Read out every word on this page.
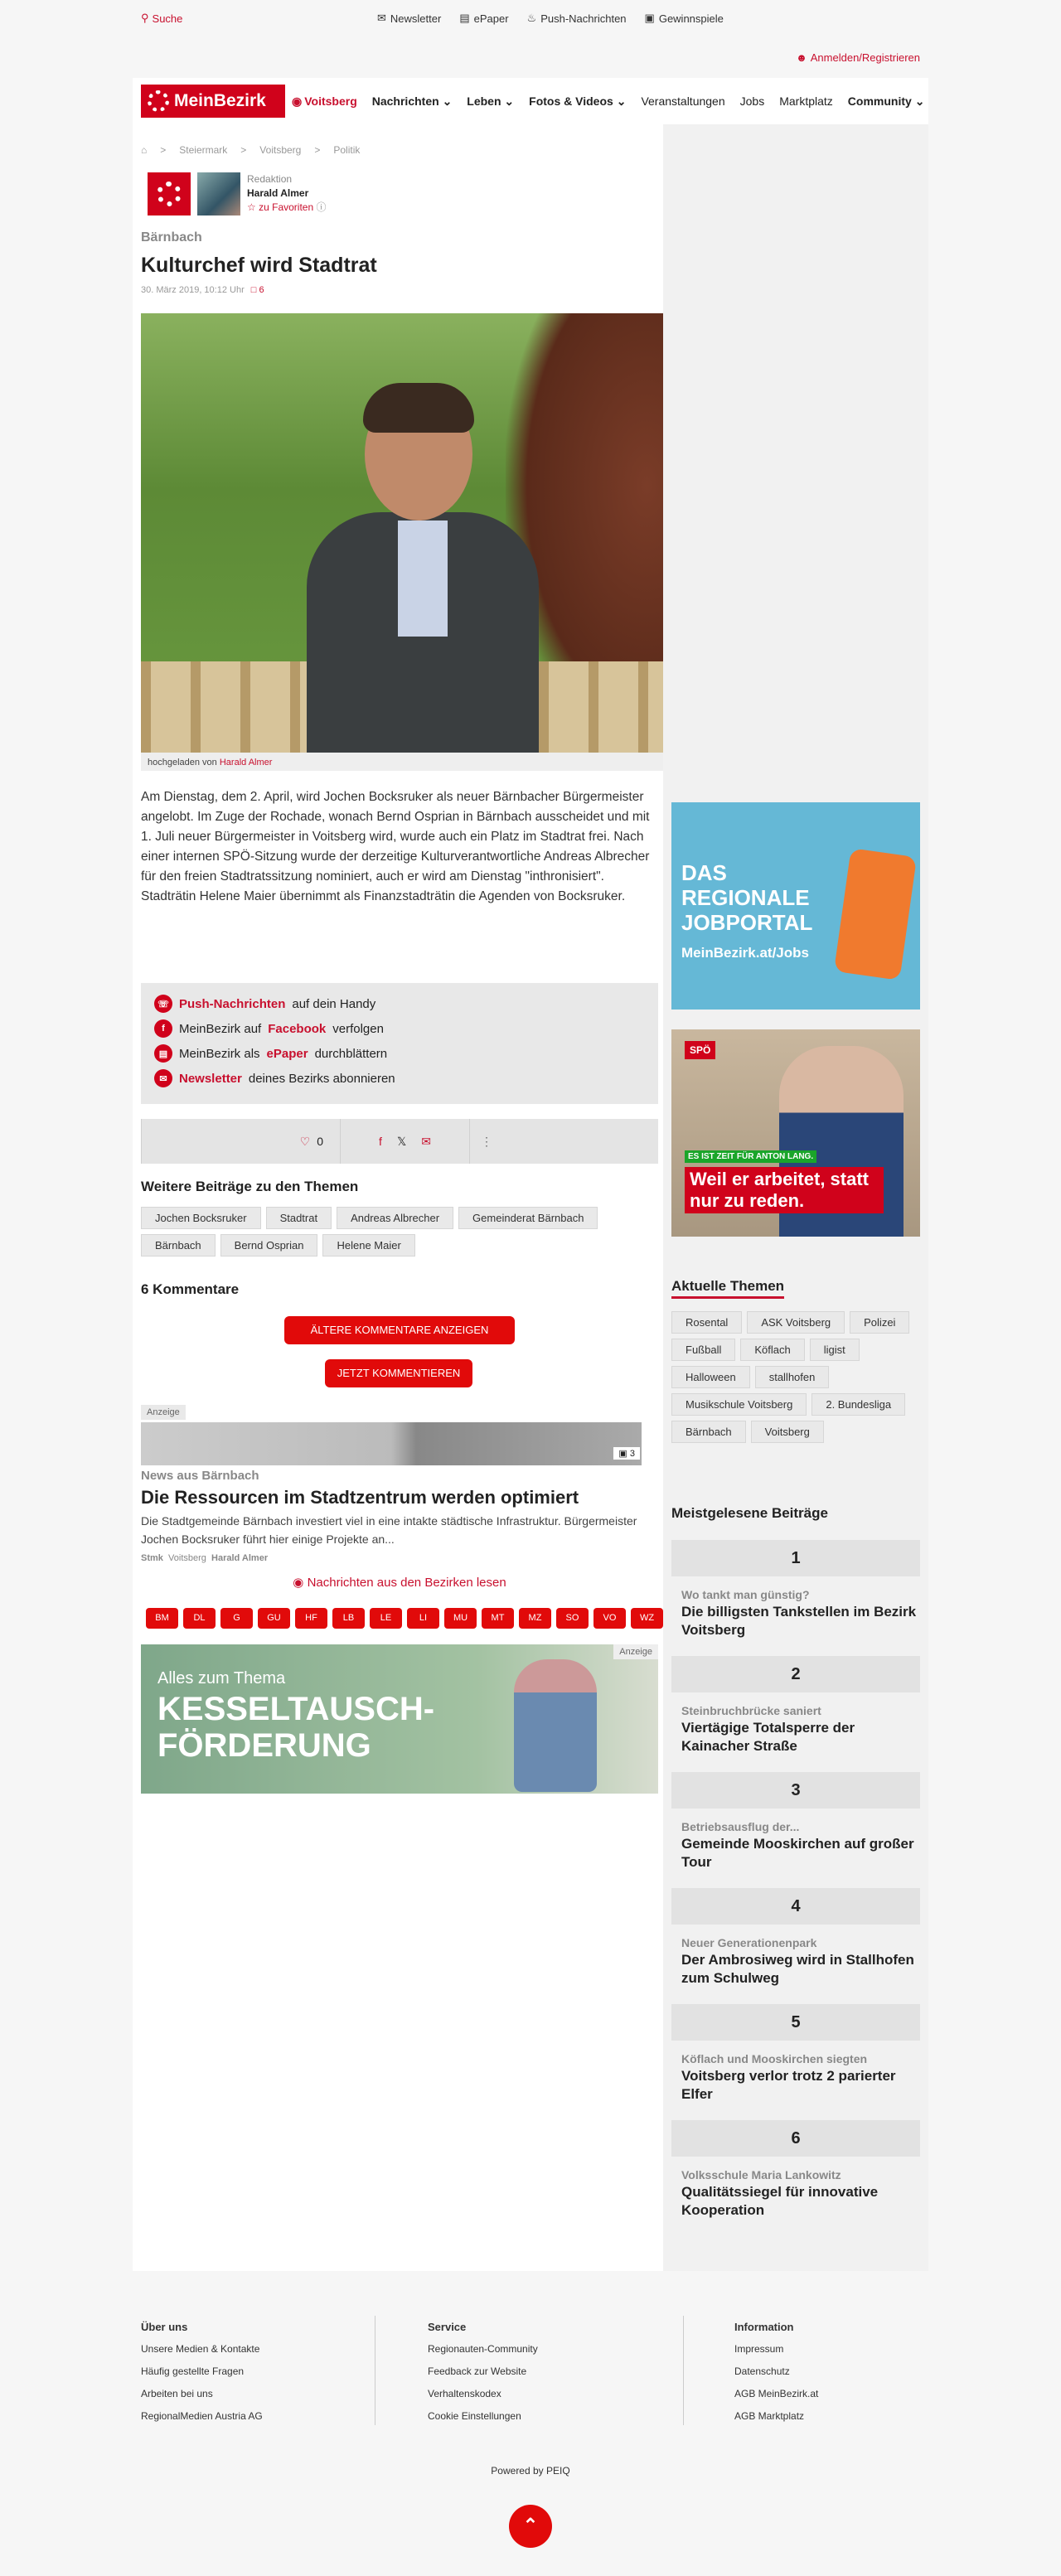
⚲ Suche	✉ Newsletter ▤ ePaper ♨ Push-Nachrichten ▣ Gewinnspiele
☻ Anmelden/Registrieren
MeinBezirk ◉ Voitsberg Nachrichten ⌄ Leben ⌄ Fotos & Videos ⌄ Veranstaltungen Jobs Marktplatz Community ⌄
⌂ > Steiermark > Voitsberg > Politik
Redaktion
Harald Almer
☆ zu Favoriten ⓘ
Bärnbach
Kulturchef wird Stadtrat
30. März 2019, 10:12 Uhr □ 6
hochgeladen von Harald Almer

Am Dienstag, dem 2. April, wird Jochen Bocksruker als neuer Bärnbacher Bürgermeister angelobt. Im Zuge der Rochade, wonach Bernd Osprian in Bärnbach ausscheidet und mit 1. Juli neuer Bürgermeister in Voitsberg wird, wurde auch ein Platz im Stadtrat frei. Nach einer internen SPÖ-Sitzung wurde der derzeitige Kulturverantwortliche Andreas Albrecher für den freien Stadtratssitzung nominiert, auch er wird am Dienstag "inthronisiert". Stadträtin Helene Maier übernimmt als Finanzstadträtin die Agenden von Bocksruker.

☏ Push-Nachrichten auf dein Handy
f	MeinBezirk auf Facebook verfolgen
▤ MeinBezirk als ePaper durchblättern
✉ Newsletter deines Bezirks abonnieren
♡ 0	f 𝕏 ✉	⋮
Weitere Beiträge zu den Themen
Jochen Bocksruker	Stadtrat	Andreas Albrecher	Gemeinderat Bärnbach
Bärnbach	Bernd Osprian	Helene Maier
6 Kommentare
ÄLTERE KOMMENTARE ANZEIGEN
JETZT KOMMENTIEREN
Anzeige
▣ 3
News aus Bärnbach
Die Ressourcen im Stadtzentrum werden optimiert
Die Stadtgemeinde Bärnbach investiert viel in eine intakte städtische Infrastruktur. Bürgermeister Jochen Bocksruker führt hier einige Projekte an...
Stmk Voitsberg Harald Almer
◉ Nachrichten aus den Bezirken lesen
BM	DL	G	GU	HF	LB	LE	LI	MU	MT	MZ	SO	VO	WZ
Alles zum Thema
KESSELTAUSCH-
FÖRDERUNG
Anzeige
DAS
REGIONALE
JOBPORTAL
MeinBezirk.at/Jobs
SPÖ
ES IST ZEIT FÜR ANTON LANG.
Weil er arbeitet, statt nur zu reden.
Aktuelle Themen
Rosental	ASK Voitsberg	Polizei
Fußball	Köflach	ligist
Halloween	stallhofen
Musikschule Voitsberg	2. Bundesliga
Bärnbach	Voitsberg
Meistgelesene Beiträge
1
Wo tankt man günstig?
Die billigsten Tankstellen im Bezirk Voitsberg
2
Steinbruchbrücke saniert
Viertägige Totalsperre der Kainacher Straße
3
Betriebsausflug der...
Gemeinde Mooskirchen auf großer Tour
4
Neuer Generationenpark
Der Ambrosiweg wird in Stallhofen zum Schulweg
5
Köflach und Mooskirchen siegten
Voitsberg verlor trotz 2 parierter Elfer
6
Volksschule Maria Lankowitz
Qualitätssiegel für innovative Kooperation
Über uns
Unsere Medien & Kontakte
Häufig gestellte Fragen
Arbeiten bei uns
RegionalMedien Austria AG
Service
Regionauten-Community
Feedback zur Website
Verhaltenskodex
Cookie Einstellungen
Information
Impressum
Datenschutz
AGB MeinBezirk.at
AGB Marktplatz
Powered by PEIQ
⌃
